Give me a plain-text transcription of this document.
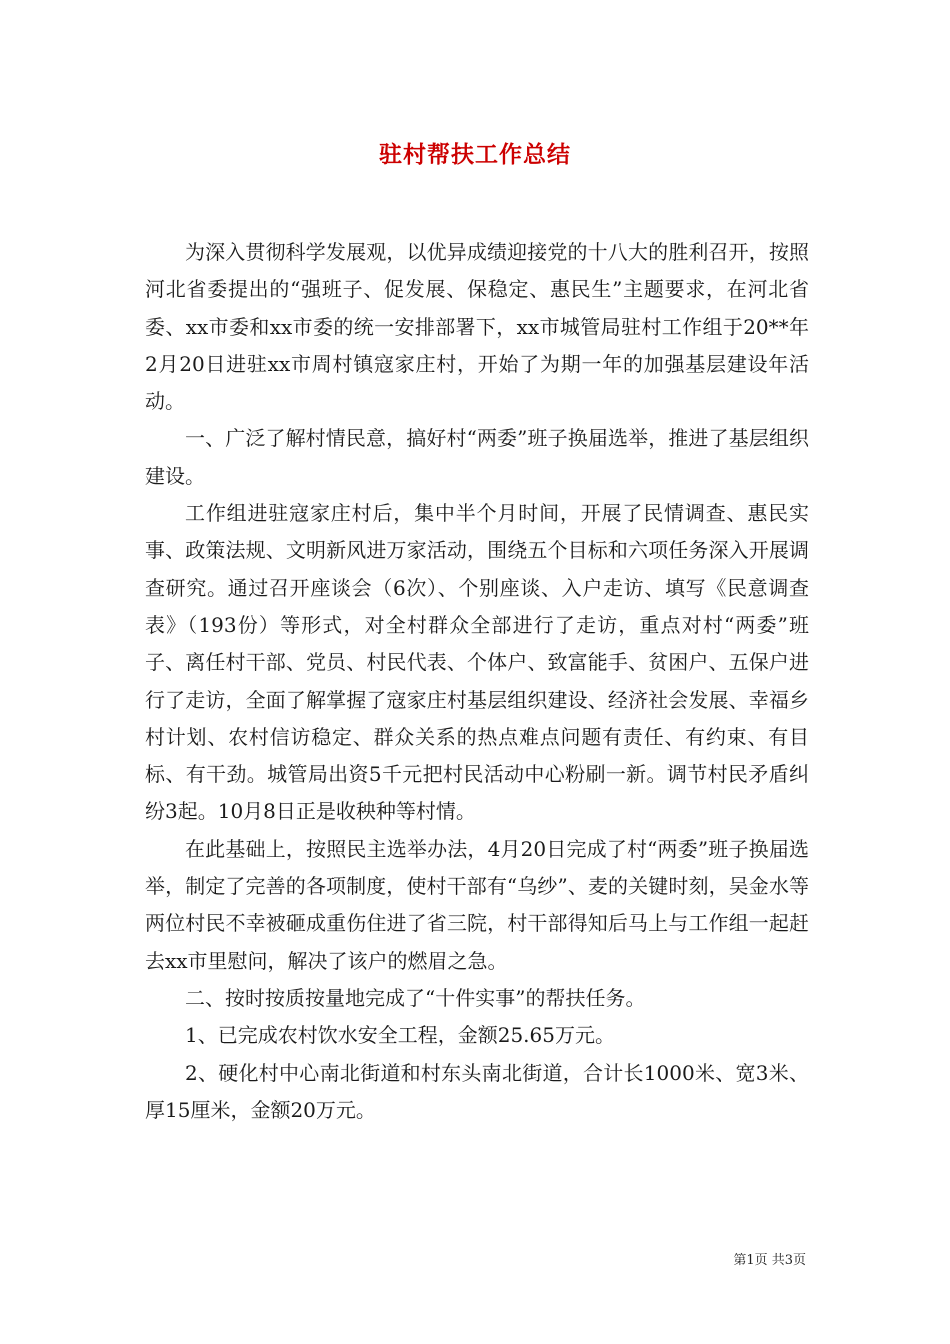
驻村帮扶工作总结

为深入贯彻科学发展观，以优异成绩迎接党的十八大的胜利召开，按照河北省委提出的“强班子、促发展、保稳定、惠民生”主题要求，在河北省委、xx市委和xx市委的统一安排部署下，xx市城管局驻村工作组于20**年2月20日进驻xx市周村镇寇家庄村，开始了为期一年的加强基层建设年活动。

一、广泛了解村情民意，搞好村“两委”班子换届选举，推进了基层组织建设。

工作组进驻寇家庄村后，集中半个月时间，开展了民情调查、惠民实事、政策法规、文明新风进万家活动，围绕五个目标和六项任务深入开展调查研究。通过召开座谈会（6次）、个别座谈、入户走访、填写《民意调查表》（193份）等形式，对全村群众全部进行了走访，重点对村“两委”班子、离任村干部、党员、村民代表、个体户、致富能手、贫困户、五保户进行了走访，全面了解掌握了寇家庄村基层组织建设、经济社会发展、幸福乡村计划、农村信访稳定、群众关系的热点难点问题有责任、有约束、有目标、有干劲。城管局出资5千元把村民活动中心粉刷一新。调节村民矛盾纠纷3起。10月8日正是收秧种等村情。

在此基础上，按照民主选举办法，4月20日完成了村“两委”班子换届选举，制定了完善的各项制度，使村干部有“乌纱”、麦的关键时刻，吴金水等两位村民不幸被砸成重伤住进了省三院，村干部得知后马上与工作组一起赶去xx市里慰问，解决了该户的燃眉之急。

二、按时按质按量地完成了“十件实事”的帮扶任务。

1、已完成农村饮水安全工程，金额25.65万元。

2、硬化村中心南北街道和村东头南北街道，合计长1000米、宽3米、厚15厘米，金额20万元。

第1页 共3页
